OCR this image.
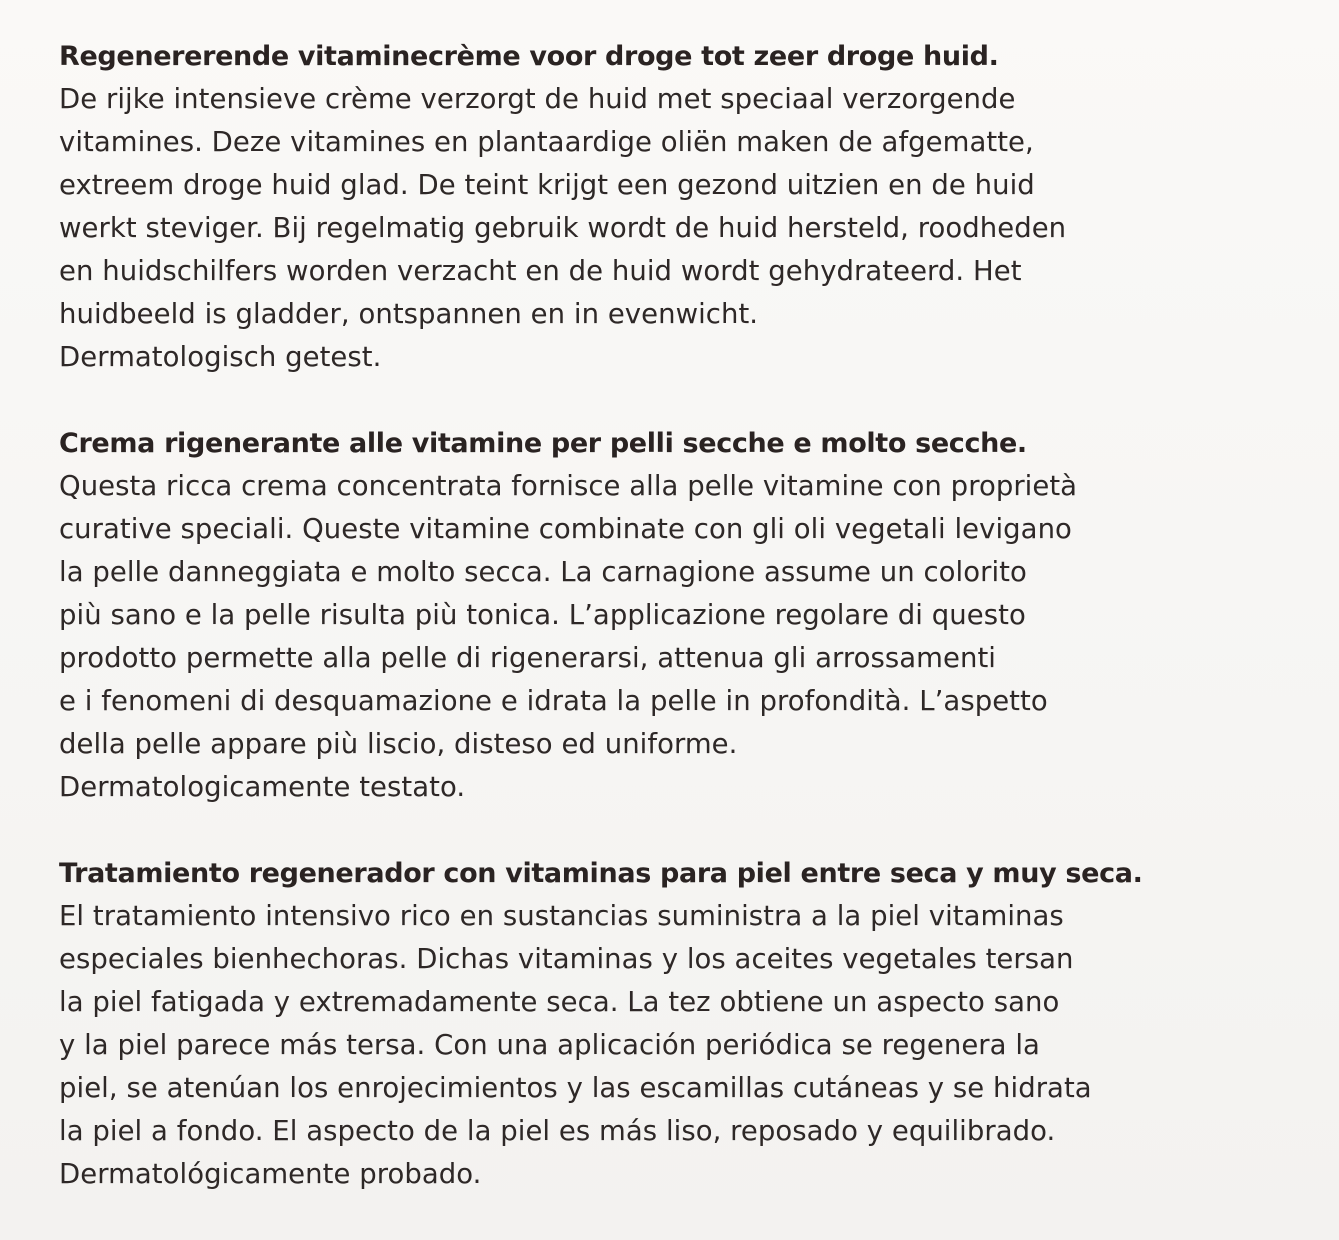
Regenererende vitaminecrème voor droge tot zeer droge huid.

De rijke intensieve crème verzorgt de huid met speciaal verzorgende

vitamines. Deze vitamines en plantaardige oliën maken de afgematte,

extreem droge huid glad. De teint krijgt een gezond uitzien en de huid

werkt steviger. Bij regelmatig gebruik wordt de huid hersteld, roodheden

en huidschilfers worden verzacht en de huid wordt gehydrateerd. Het

huidbeeld is gladder, ontspannen en in evenwicht.

Dermatologisch getest.

Crema rigenerante alle vitamine per pelli secche e molto secche.

Questa ricca crema concentrata fornisce alla pelle vitamine con proprietà

curative speciali. Queste vitamine combinate con gli oli vegetali levigano

la pelle danneggiata e molto secca. La carnagione assume un colorito

più sano e la pelle risulta più tonica. L’applicazione regolare di questo

prodotto permette alla pelle di rigenerarsi, attenua gli arrossamenti

e i fenomeni di desquamazione e idrata la pelle in profondità. L’aspetto

della pelle appare più liscio, disteso ed uniforme.

Dermatologicamente testato.

Tratamiento regenerador con vitaminas para piel entre seca y muy seca.

El tratamiento intensivo rico en sustancias suministra a la piel vitaminas

especiales bienhechoras. Dichas vitaminas y los aceites vegetales tersan

la piel fatigada y extremadamente seca. La tez obtiene un aspecto sano

y la piel parece más tersa. Con una aplicación periódica se regenera la

piel, se atenúan los enrojecimientos y las escamillas cutáneas y se hidrata

la piel a fondo. El aspecto de la piel es más liso, reposado y equilibrado.

Dermatológicamente probado.
